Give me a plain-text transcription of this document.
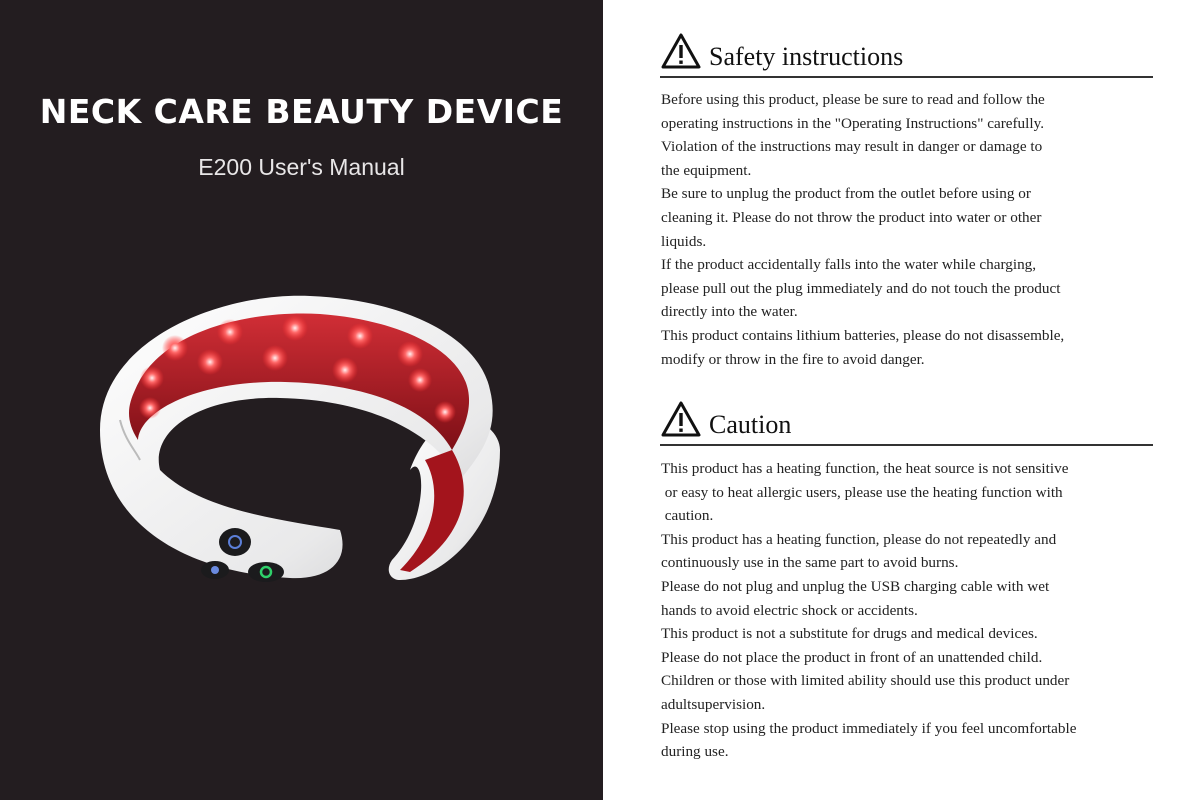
NECK CARE BEAUTY DEVICE

E200 User's Manual

Safety instructions
Before using this product, please be sure to read and follow the
operating instructions in the "Operating Instructions" carefully.
Violation of the instructions may result in danger or damage to
the equipment.
Be sure to unplug the product from the outlet before using or
cleaning it. Please do not throw the product into water or other
liquids.
If the product accidentally falls into the water while charging,
please pull out the plug immediately and do not touch the product
directly into the water.
This product contains lithium batteries, please do not disassemble,
modify or throw in the fire to avoid danger.
Caution
This product has a heating function, the heat source is not sensitive
or easy to heat allergic users, please use the heating function with
caution.
This product has a heating function, please do not repeatedly and
continuously use in the same part to avoid burns.
Please do not plug and unplug the USB charging cable with wet
hands to avoid electric shock or accidents.
This product is not a substitute for drugs and medical devices.
Please do not place the product in front of an unattended child.
Children or those with limited ability should use this product under
adultsupervision.
Please stop using the product immediately if you feel uncomfortable
during use.
